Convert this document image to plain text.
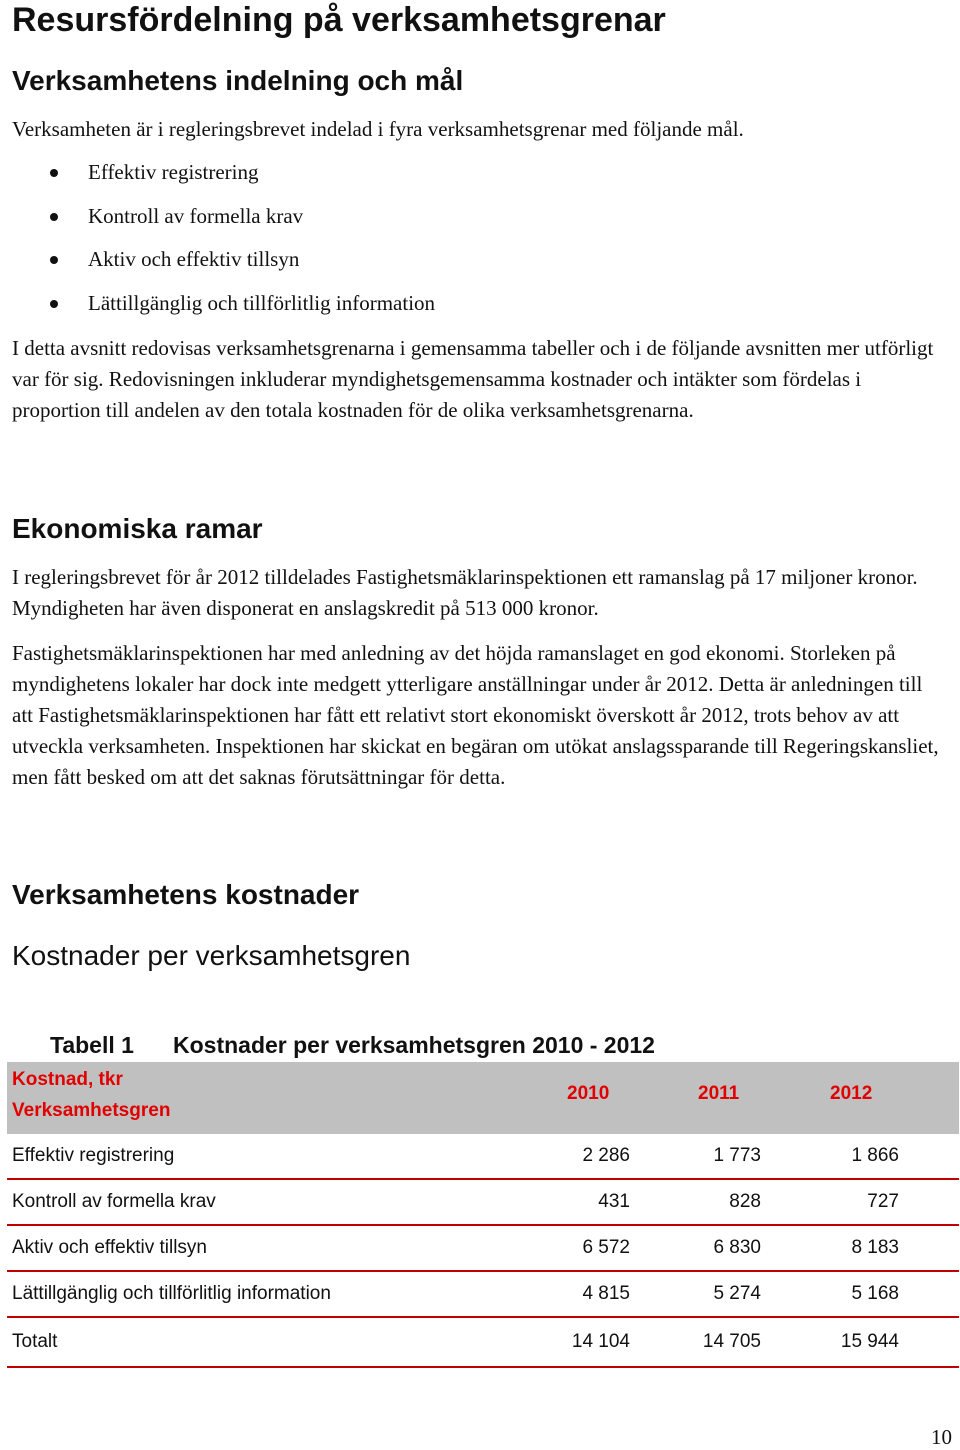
Resursfördelning på verksamhetsgrenar
Verksamhetens indelning och mål
Verksamheten är i regleringsbrevet indelad i fyra verksamhetsgrenar med följande mål.
Effektiv registrering
Kontroll av formella krav
Aktiv och effektiv tillsyn
Lättillgänglig och tillförlitlig information
I detta avsnitt redovisas verksamhetsgrenarna i gemensamma tabeller och i de följande avsnitten mer utförligt var för sig. Redovisningen inkluderar myndighetsgemensamma kostnader och intäkter som fördelas i proportion till andelen av den totala kostnaden för de olika verksamhetsgrenarna.
Ekonomiska ramar
I regleringsbrevet för år 2012 tilldelades Fastighetsmäklarinspektionen ett ramanslag på 17 miljoner kronor. Myndigheten har även disponerat en anslagskredit på 513 000 kronor.
Fastighetsmäklarinspektionen har med anledning av det höjda ramanslaget en god ekonomi. Storleken på myndighetens lokaler har dock inte medgett ytterligare anställningar under år 2012. Detta är anledningen till att Fastighetsmäklarinspektionen har fått ett relativt stort ekonomiskt överskott år 2012, trots behov av att utveckla verksamheten. Inspektionen har skickat en begäran om utökat anslagssparande till Regeringskansliet, men fått besked om att det saknas förutsättningar för detta.
Verksamhetens kostnader
Kostnader per verksamhetsgren
Tabell 1 Kostnader per verksamhetsgren 2010 - 2012
Kostnad, tkr
Verksamhetsgren
2010	2011	2012
Effektiv registrering	2 286	1 773	1 866
Kontroll av formella krav	431	828	727
Aktiv och effektiv tillsyn	6 572	6 830	8 183
Lättillgänglig och tillförlitlig information	4 815	5 274	5 168
Totalt	14 104	14 705	15 944
10
